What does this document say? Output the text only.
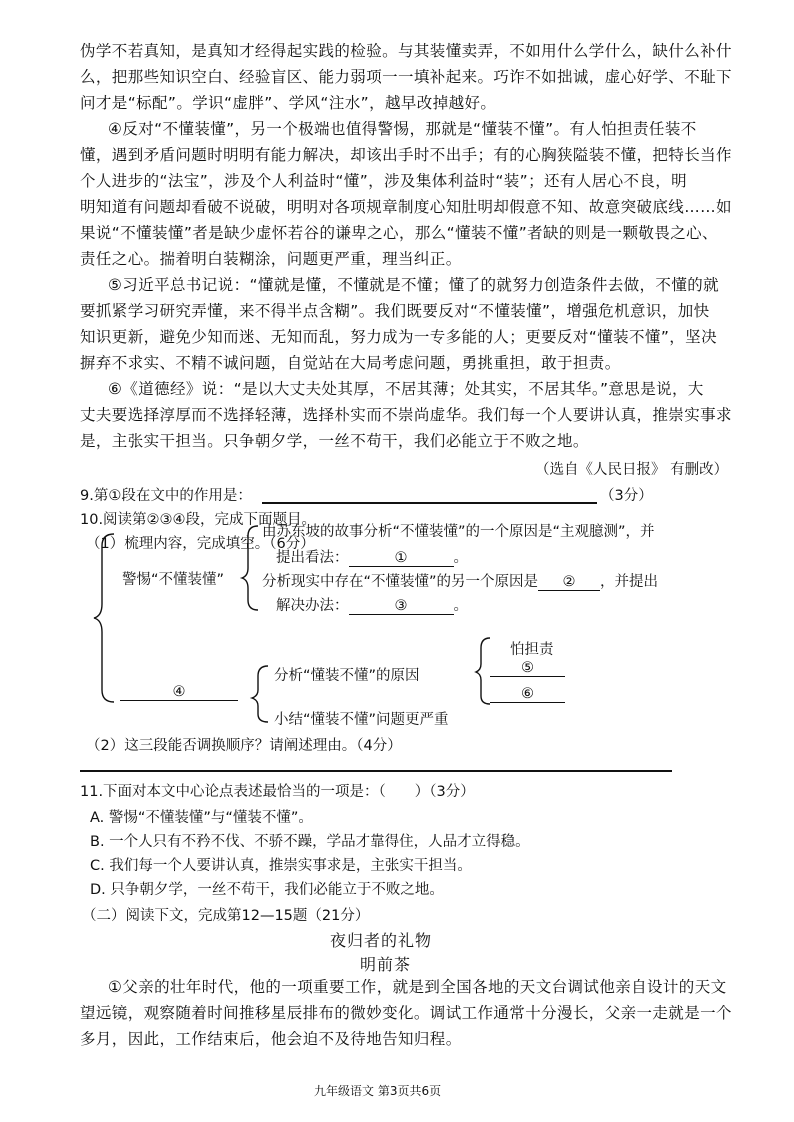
伪学不若真知，是真知才经得起实践的检验。与其装懂卖弄，不如用什么学什么，缺什么补什
么，把那些知识空白、经验盲区、能力弱项一一填补起来。巧诈不如拙诚，虚心好学、不耻下
问才是“标配”。学识“虚胖”、学风“注水”，越早改掉越好。
④反对“不懂装懂”，另一个极端也值得警惕，那就是“懂装不懂”。有人怕担责任装不
懂，遇到矛盾问题时明明有能力解决，却该出手时不出手；有的心胸狭隘装不懂，把特长当作
个人进步的“法宝”，涉及个人利益时“懂”，涉及集体利益时“装”；还有人居心不良，明
明知道有问题却看破不说破，明明对各项规章制度心知肚明却假意不知、故意突破底线……如
果说“不懂装懂”者是缺少虚怀若谷的谦卑之心，那么“懂装不懂”者缺的则是一颗敬畏之心、
责任之心。揣着明白装糊涂，问题更严重，理当纠正。
⑤习近平总书记说：“懂就是懂，不懂就是不懂；懂了的就努力创造条件去做，不懂的就
要抓紧学习研究弄懂，来不得半点含糊”。我们既要反对“不懂装懂”，增强危机意识，加快
知识更新，避免少知而迷、无知而乱，努力成为一专多能的人；更要反对“懂装不懂”，坚决
摒弃不求实、不精不诚问题，自觉站在大局考虑问题，勇挑重担，敢于担责。
⑥《道德经》说：“是以大丈夫处其厚，不居其薄；处其实，不居其华。”意思是说，大
丈夫要选择淳厚而不选择轻薄，选择朴实而不崇尚虚华。我们每一个人要讲认真，推崇实事求
是，主张实干担当。只争朝夕学，一丝不苟干，我们必能立于不败之地。
（选自《人民日报》 有删改）
9.第①段在文中的作用是：	（3分）
10.阅读第②③④段，完成下面题目。
（1）梳理内容，完成填空。（6分）
警惕“不懂装懂”
由苏东坡的故事分析“不懂装懂”的一个原因是“主观臆测”，并
提出看法：	①	。
分析现实中存在“不懂装懂”的另一个原因是 ② ，并提出
解决办法：	③	。
④
分析“懂装不懂”的原因
小结“懂装不懂”问题更严重
怕担责
⑤
⑥
（2）这三段能否调换顺序？请阐述理由。（4分）
11.下面对本文中心论点表述最恰当的一项是：（　　）（3分）
A. 警惕“不懂装懂”与“懂装不懂”。
B. 一个人只有不矜不伐、不骄不躁，学品才靠得住，人品才立得稳。
C. 我们每一个人要讲认真，推崇实事求是，主张实干担当。
D. 只争朝夕学，一丝不苟干，我们必能立于不败之地。
（二）阅读下文，完成第12—15题（21分）
夜归者的礼物
明前茶
①父亲的壮年时代，他的一项重要工作，就是到全国各地的天文台调试他亲自设计的天文
望远镜，观察随着时间推移星辰排布的微妙变化。调试工作通常十分漫长，父亲一走就是一个
多月，因此，工作结束后，他会迫不及待地告知归程。
九年级语文 第3页共6页
